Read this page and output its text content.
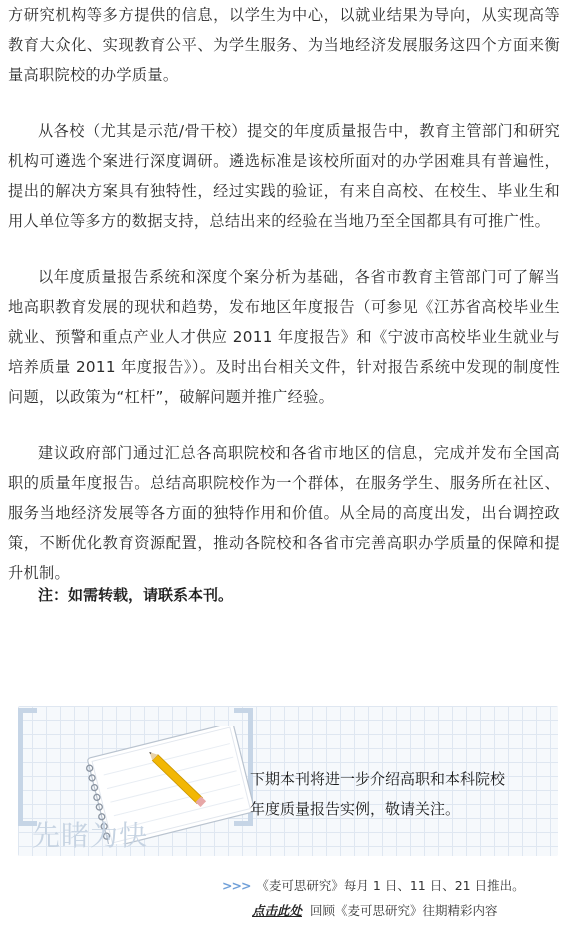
方研究机构等多方提供的信息，以学生为中心，以就业结果为导向，从实现高等教育大众化、实现教育公平、为学生服务、为当地经济发展服务这四个方面来衡量高职院校的办学质量。

从各校（尤其是示范/骨干校）提交的年度质量报告中，教育主管部门和研究机构可遴选个案进行深度调研。遴选标准是该校所面对的办学困难具有普遍性，提出的解决方案具有独特性，经过实践的验证，有来自高校、在校生、毕业生和用人单位等多方的数据支持，总结出来的经验在当地乃至全国都具有可推广性。

以年度质量报告系统和深度个案分析为基础，各省市教育主管部门可了解当地高职教育发展的现状和趋势，发布地区年度报告（可参见《江苏省高校毕业生就业、预警和重点产业人才供应 2011 年度报告》和《宁波市高校毕业生就业与培养质量 2011 年度报告》）。及时出台相关文件，针对报告系统中发现的制度性问题，以政策为“杠杆”，破解问题并推广经验。

建议政府部门通过汇总各高职院校和各省市地区的信息，完成并发布全国高职的质量年度报告。总结高职院校作为一个群体，在服务学生、服务所在社区、服务当地经济发展等各方面的独特作用和价值。从全局的高度出发，出台调控政策，不断优化教育资源配置，推动各院校和各省市完善高职办学质量的保障和提升机制。

注：如需转载，请联系本刊。
下期本刊将进一步介绍高职和本科院校
年度质量报告实例，敬请关注。
先睹为快
>>> 《麦可思研究》每月 1 日、11 日、21 日推出。
点击此处 回顾《麦可思研究》往期精彩内容
